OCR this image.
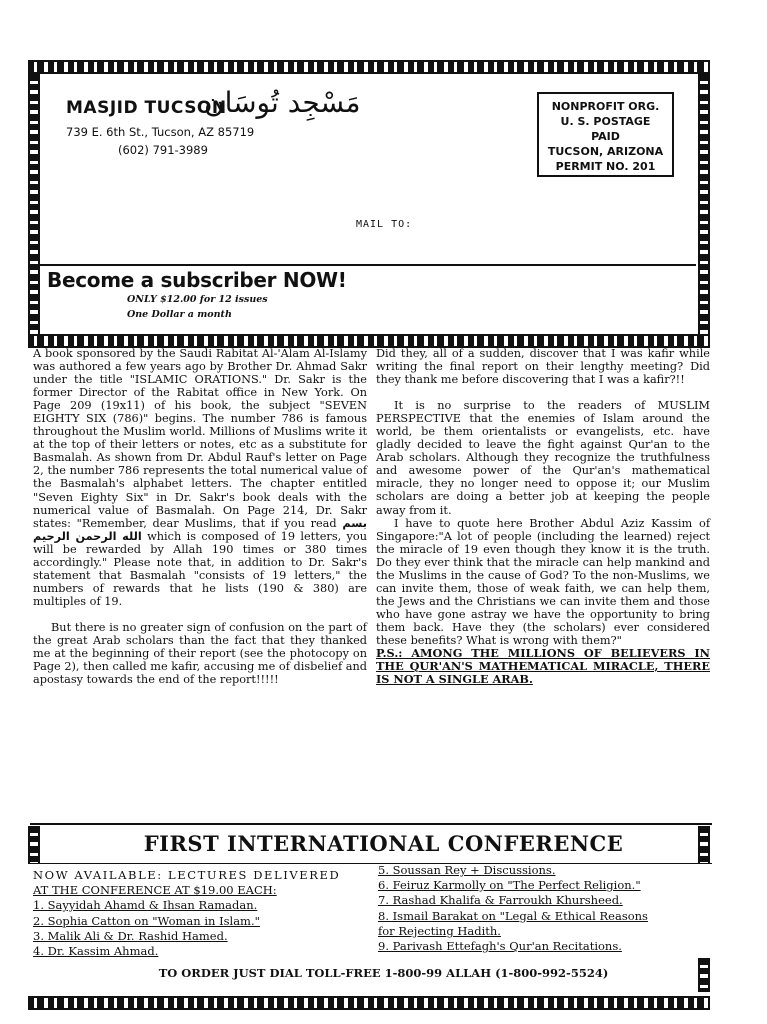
MASJID TUCSON
مَسْجِد تُوسَان
739 E. 6th St., Tucson, AZ 85719
(602) 791-3989
NONPROFIT ORG.
U. S. POSTAGE
PAID
TUCSON, ARIZONA
PERMIT NO. 201
MAIL TO:
Become a subscriber NOW!
ONLY $12.00 for 12 issues
One Dollar a month

A book sponsored by the Saudi Rabitat Al-'Alam Al-Islamy was authored a few years ago by Brother Dr. Ahmad Sakr under the title "ISLAMIC ORATIONS." Dr. Sakr is the former Director of the Rabitat office in New York. On Page 209 (19x11) of his book, the subject "SEVEN EIGHTY SIX (786)" begins. The number 786 is famous throughout the Muslim world. Millions of Muslims write it at the top of their letters or notes, etc as a substitute for Basmalah. As shown from Dr. Abdul Rauf's letter on Page 2, the number 786 represents the total numerical value of the Basmalah's alphabet letters. The chapter entitled "Seven Eighty Six" in Dr. Sakr's book deals with the numerical value of Basmalah. On Page 214, Dr. Sakr states: "Remember, dear Muslims, that if you read بسم الله الرحمن الرحيم which is composed of 19 letters, you will be rewarded by Allah 190 times or 380 times accordingly." Please note that, in addition to Dr. Sakr's statement that Basmalah "consists of 19 letters," the numbers of rewards that he lists (190 & 380) are multiples of 19.

But there is no greater sign of confusion on the part of the great Arab scholars than the fact that they thanked me at the beginning of their report (see the photocopy on Page 2), then called me kafir, accusing me of disbelief and apostasy towards the end of the report!!!!!

Did they, all of a sudden, discover that I was kafir while writing the final report on their lengthy meeting? Did they thank me before discovering that I was a kafir?!!

It is no surprise to the readers of MUSLIM PERSPECTIVE that the enemies of Islam around the world, be them orientalists or evangelists, etc. have gladly decided to leave the fight against Qur'an to the Arab scholars. Although they recognize the truthfulness and awesome power of the Qur'an's mathematical miracle, they no longer need to oppose it; our Muslim scholars are doing a better job at keeping the people away from it.

I have to quote here Brother Abdul Aziz Kassim of Singapore:"A lot of people (including the learned) reject the miracle of 19 even though they know it is the truth. Do they ever think that the miracle can help mankind and the Muslims in the cause of God? To the non-Muslims, we can invite them, those of weak faith, we can help them, the Jews and the Christians we can invite them and those who have gone astray we have the opportunity to bring them back. Have they (the scholars) ever considered these benefits? What is wrong with them?"

P.S.: AMONG THE MILLIONS OF BELIEVERS IN THE QUR'AN'S MATHEMATICAL MIRACLE, THERE IS NOT A SINGLE ARAB.

FIRST INTERNATIONAL CONFERENCE
NOW AVAILABLE: LECTURES DELIVERED
AT THE CONFERENCE AT $19.00 EACH:
1. Sayyidah Ahamd & Ihsan Ramadan.
2. Sophia Catton on "Woman in Islam."
3. Malik Ali & Dr. Rashid Hamed.
4. Dr. Kassim Ahmad.
5. Soussan Rey + Discussions.
6. Feiruz Karmolly on "The Perfect Religion."
7. Rashad Khalifa & Farroukh Khursheed.
8. Ismail Barakat on "Legal & Ethical Reasons
for Rejecting Hadith.
9. Parivash Ettefagh's Qur'an Recitations.
TO ORDER JUST DIAL TOLL-FREE 1-800-99 ALLAH (1-800-992-5524)
